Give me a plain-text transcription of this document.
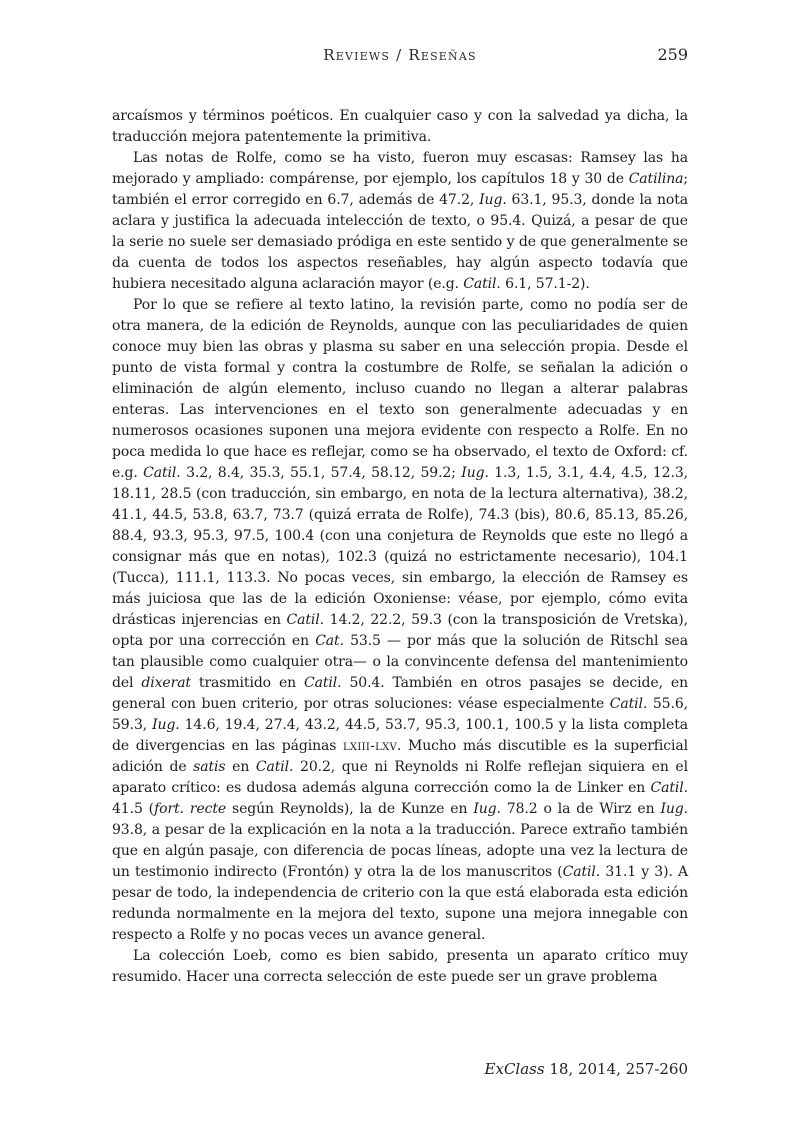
Reviews / Reseñas	259

arcaísmos y términos poéticos. En cualquier caso y con la salvedad ya dicha, la traducción mejora patentemente la primitiva.

Las notas de Rolfe, como se ha visto, fueron muy escasas: Ramsey las ha mejorado y ampliado: compárense, por ejemplo, los capítulos 18 y 30 de Catilina; también el error corregido en 6.7, además de 47.2, Iug. 63.1, 95.3, donde la nota aclara y justifica la adecuada intelección de texto, o 95.4. Quizá, a pesar de que la serie no suele ser demasiado pródiga en este sentido y de que generalmente se da cuenta de todos los aspectos reseñables, hay algún aspecto todavía que hubiera necesitado alguna aclaración mayor (e.g. Catil. 6.1, 57.1-2).

Por lo que se refiere al texto latino, la revisión parte, como no podía ser de otra manera, de la edición de Reynolds, aunque con las peculiaridades de quien conoce muy bien las obras y plasma su saber en una selección propia. Desde el punto de vista formal y contra la costumbre de Rolfe, se señalan la adición o eliminación de algún elemento, incluso cuando no llegan a alterar palabras enteras. Las intervenciones en el texto son generalmente adecuadas y en numerosos ocasiones suponen una mejora evidente con respecto a Rolfe. En no poca medida lo que hace es reflejar, como se ha observado, el texto de Oxford: cf. e.g. Catil. 3.2, 8.4, 35.3, 55.1, 57.4, 58.12, 59.2; Iug. 1.3, 1.5, 3.1, 4.4, 4.5, 12.3, 18.11, 28.5 (con traducción, sin embargo, en nota de la lectura alternativa), 38.2, 41.1, 44.5, 53.8, 63.7, 73.7 (quizá errata de Rolfe), 74.3 (bis), 80.6, 85.13, 85.26, 88.4, 93.3, 95.3, 97.5, 100.4 (con una conjetura de Reynolds que este no llegó a consignar más que en notas), 102.3 (quizá no estrictamente necesario), 104.1 (Tucca), 111.1, 113.3. No pocas veces, sin embargo, la elección de Ramsey es más juiciosa que las de la edición Oxoniense: véase, por ejemplo, cómo evita drásticas injerencias en Catil. 14.2, 22.2, 59.3 (con la transposición de Vretska), opta por una corrección en Cat. 53.5 — por más que la solución de Ritschl sea tan plausible como cualquier otra— o la convincente defensa del mantenimiento del dixerat trasmitido en Catil. 50.4. También en otros pasajes se decide, en general con buen criterio, por otras soluciones: véase especialmente Catil. 55.6, 59.3, Iug. 14.6, 19.4, 27.4, 43.2, 44.5, 53.7, 95.3, 100.1, 100.5 y la lista completa de divergencias en las páginas lxiii-lxv. Mucho más discutible es la superficial adición de satis en Catil. 20.2, que ni Reynolds ni Rolfe reflejan siquiera en el aparato crítico: es dudosa además alguna corrección como la de Linker en Catil. 41.5 (fort. recte según Reynolds), la de Kunze en Iug. 78.2 o la de Wirz en Iug. 93.8, a pesar de la explicación en la nota a la traducción. Parece extraño también que en algún pasaje, con diferencia de pocas líneas, adopte una vez la lectura de un testimonio indirecto (Frontón) y otra la de los manuscritos (Catil. 31.1 y 3). A pesar de todo, la independencia de criterio con la que está elaborada esta edición redunda normalmente en la mejora del texto, supone una mejora innegable con respecto a Rolfe y no pocas veces un avance general.

La colección Loeb, como es bien sabido, presenta un aparato crítico muy resumido. Hacer una correcta selección de este puede ser un grave problema

ExClass 18, 2014, 257-260
